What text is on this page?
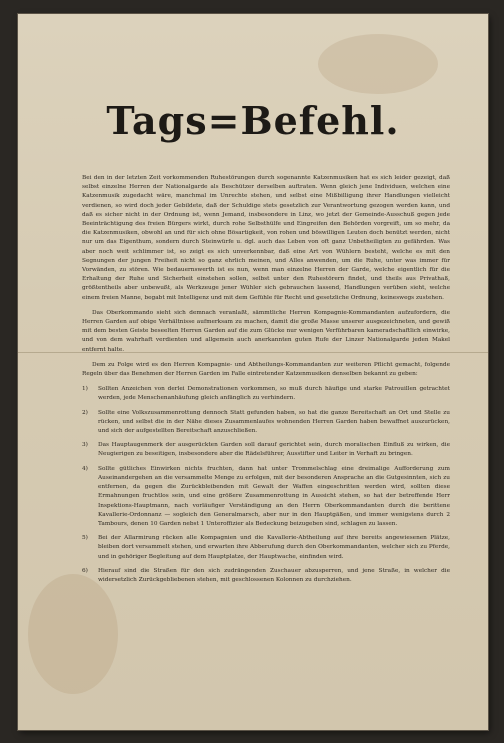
Tags=Befehl.

Bei den in der letzten Zeit vorkommenden Ruhestörungen durch sogenannte Katzenmusiken hat es sich leider gezeigt, daß selbst einzelne Herren der Nationalgarde als Beschützer derselben auftraten. Wenn gleich jene Individuen, welchen eine Katzenmusik zugedacht wäre, manchmal im Unrechte stehen, und selbst eine Mißbilligung ihrer Handlungen vielleicht verdienen, so wird doch jeder Gebildete, daß der Schuldige stets gesetzlich zur Verantwortung gezogen werden kann, und daß es sicher nicht in der Ordnung ist, wenn Jemand, insbesondere in Linz, wo jetzt der Gemeinde-Ausschuß gegen jede Beeinträchtigung des freien Bürgers wirkt, durch rohe Selbsthülfe und Eingreifen den Behörden vorgreift, um so mehr, da die Katzenmusiken, obwohl an und für sich ohne Bösartigkeit, von rohen und böswilligen Leuten doch benützt werden, nicht nur um das Eigenthum, sondern durch Steinwürfe u. dgl. auch das Leben von oft ganz Unbetheiligten zu gefährden. Was aber noch weit schlimmer ist, so zeigt es sich unverkennbar, daß eine Art von Wühlern besteht, welche es mit den Segnungen der jungen Freiheit nicht so ganz ehrlich meinen, und Alles anwenden, um die Ruhe, unter was immer für Vorwänden, zu stören. Wie bedauernswerth ist es nun, wenn man einzelne Herren der Garde, welche eigentlich für die Erhaltung der Ruhe und Sicherheit einstehen sollen, selbst unter den Ruhestörern findet, und theils aus Privathaß, größtentheils aber unbewußt, als Werkzeuge jener Wühler sich gebrauchen lassend, Handlungen verüben sieht, welche einem freien Manne, begabt mit Intelligenz und mit dem Gefühle für Recht und gesetzliche Ordnung, keineswegs zustehen.

Das Oberkommando sieht sich demnach veranlaßt, sämmtliche Herren Kompagnie-Kommandanten aufzufordern, die Herren Garden auf obige Verhältnisse aufmerksam zu machen, damit die große Masse unserer ausgezeichneten, und gewiß mit dem besten Geiste beseelten Herren Garden auf die zum Glücke nur wenigen Verführbaren kameradschaftlich einwirke, und von dem wahrhaft verdienten und allgemein auch anerkannten guten Rufe der Linzer Nationalgarde jeden Makel entfernt halte.

Dem zu Folge wird es den Herren Kompagnie- und Abtheilungs-Kommandanten zur weiteren Pflicht gemacht, folgende Regeln über das Benehmen der Herren Garden im Falle eintretender Katzenmusiken denselben bekannt zu geben:

1)	Sollten Anzeichen von derlei Demonstrationen vorkommen, so muß durch häufige und starke Patrouillen getrachtet werden, jede Menschenanhäufung gleich anfänglich zu verhindern.
2)	Sollte eine Volkszusammenrottung dennoch Statt gefunden haben, so hat die ganze Bereitschaft an Ort und Stelle zu rücken, und selbst die in der Nähe dieses Zusammenlaufes wohnenden Herren Garden haben bewaffnet auszurücken, und sich der aufgestellten Bereitschaft anzuschließen.
3)	Das Hauptaugenmerk der ausgerückten Garden soll darauf gerichtet sein, durch moralischen Einfluß zu wirken, die Neugierigen zu beseitigen, insbesondere aber die Rädelsführer, Ausstifter und Leiter in Verhaft zu bringen.
4)	Sollte gütliches Einwirken nichts fruchten, dann hat unter Trommelschlag eine dreimalige Aufforderung zum Auseinandergehen an die versammelte Menge zu erfolgen, mit der besonderen Ansprache an die Gutgesinnten, sich zu entfernen, da gegen die Zurückbleibenden mit Gewalt der Waffen eingeschritten werden wird, sollten diese Ermahnungen fruchtlos sein, und eine größere Zusammenrottung in Aussicht stehen, so hat der betreffende Herr Inspektions-Hauptmann, nach vorläufiger Verständigung an den Herrn Oberkommandanten durch die berittene Kavallerie-Ordonnanz — sogleich den Generalmarsch, aber nur in den Hauptgäßen, und immer wenigstens durch 2 Tambours, denen 10 Garden nebst 1 Unteroffizier als Bedeckung beizugeben sind, schlagen zu lassen.
5)	Bei der Allarmirung rücken alle Kompagnien und die Kavallerie-Abtheilung auf ihre bereits angewiesenen Plätze, bleiben dort versammelt stehen, und erwarten ihre Abberufung durch den Oberkommandanten, welcher sich zu Pferde, und in gehöriger Begleitung auf dem Hauptplatze, der Hauptwache, einfinden wird.
6)	Hierauf sind die Straßen für den sich zudrängenden Zuschauer abzusperren, und jene Straße, in welcher die widersetzlich Zurückgebliebenen stehen, mit geschlossenen Kolonnen zu durchziehen.
